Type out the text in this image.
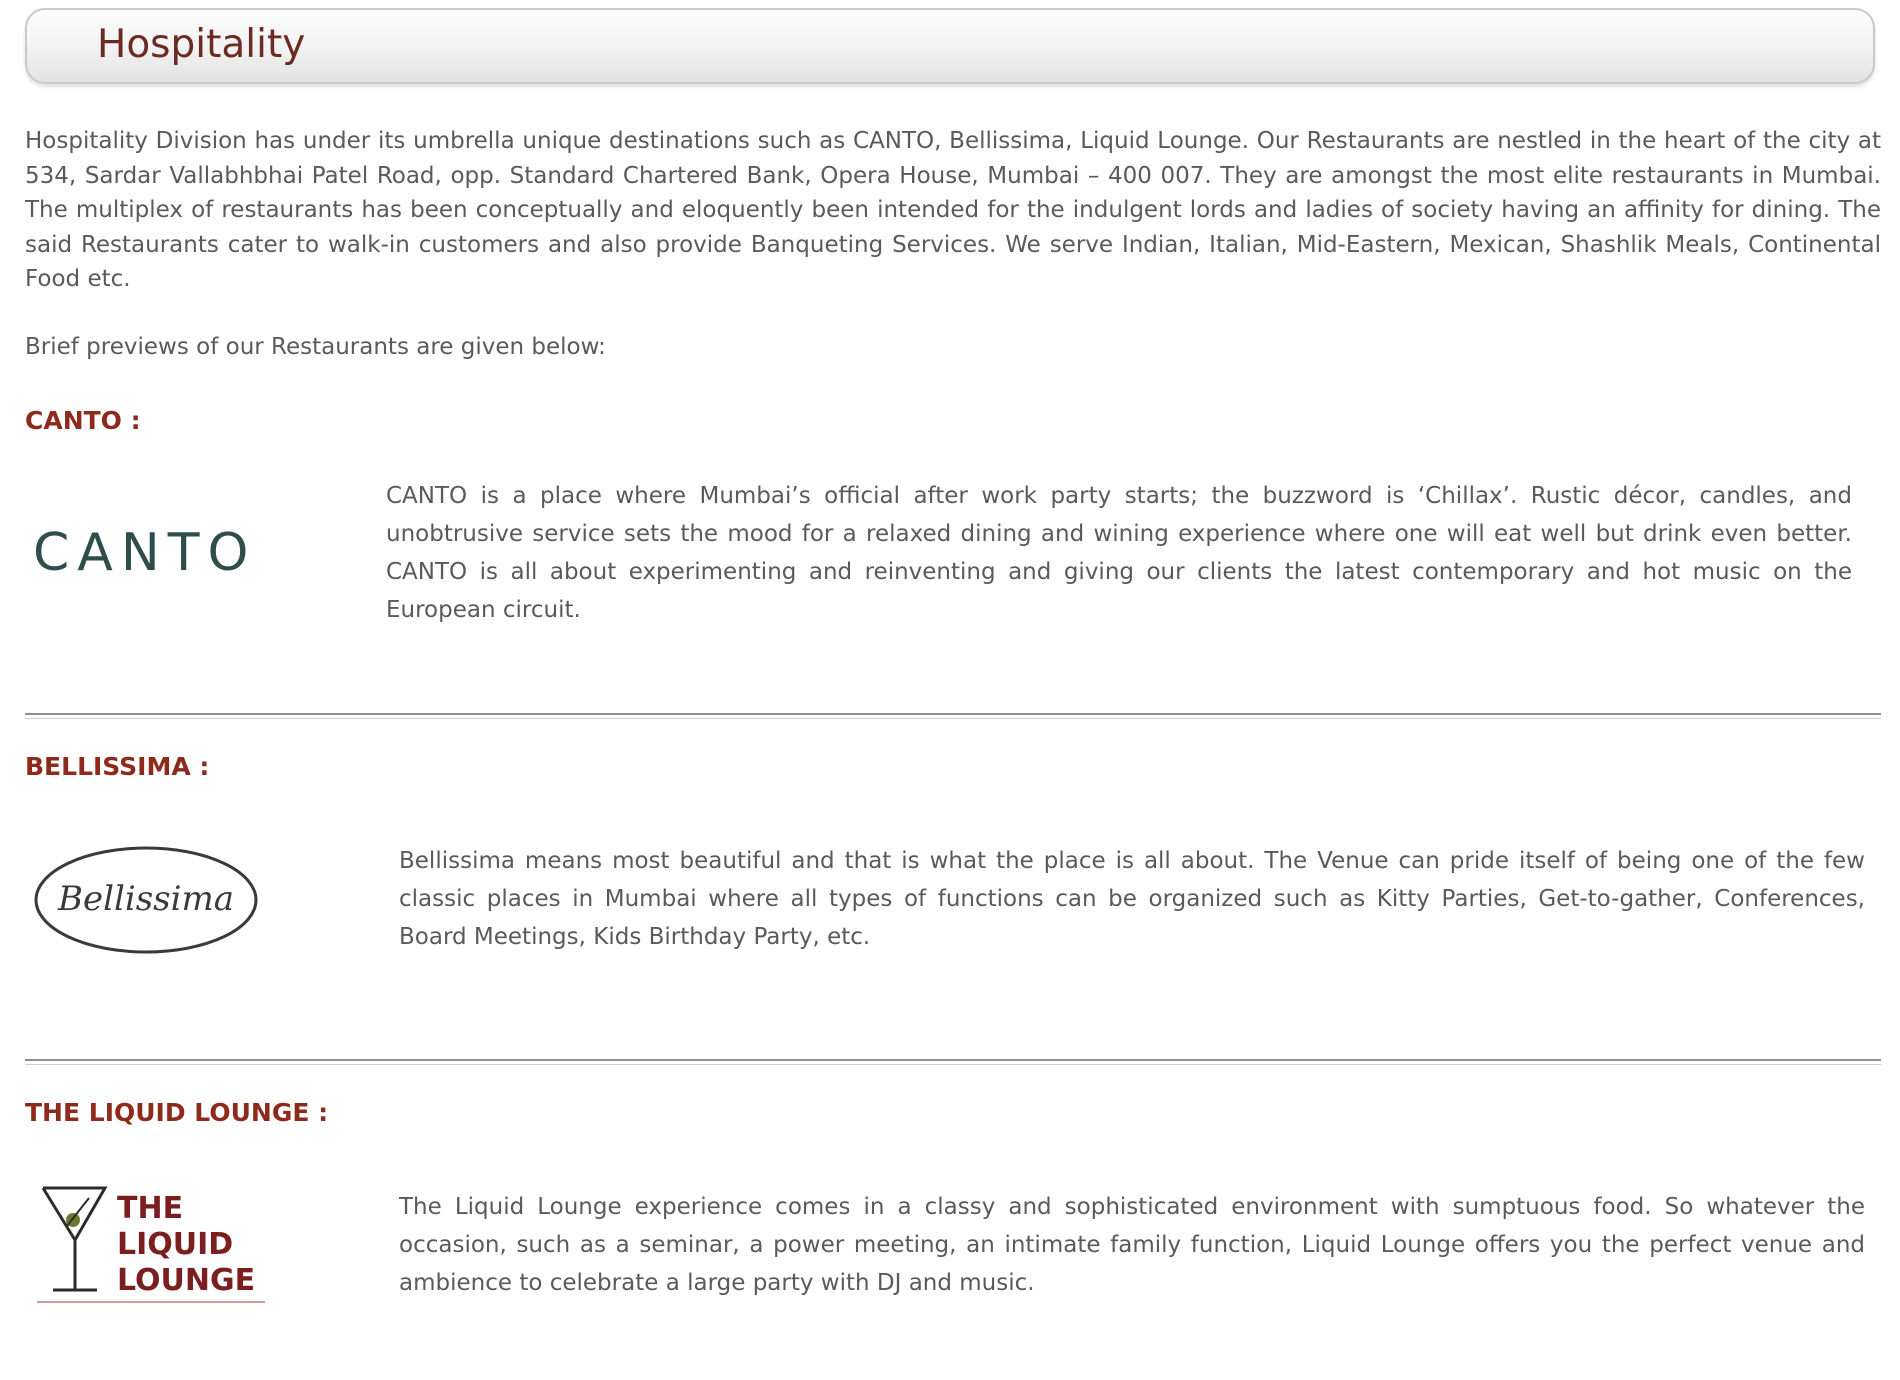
Hospitality

Hospitality Division has under its umbrella unique destinations such as CANTO, Bellissima, Liquid Lounge. Our Restaurants are nestled in the heart of the city at 534, Sardar Vallabhbhai Patel Road, opp. Standard Chartered Bank, Opera House, Mumbai – 400 007. They are amongst the most elite restaurants in Mumbai. The multiplex of restaurants has been conceptually and eloquently been intended for the indulgent lords and ladies of society having an affinity for dining. The said Restaurants cater to walk-in customers and also provide Banqueting Services. We serve Indian, Italian, Mid-Eastern, Mexican, Shashlik Meals, Continental Food etc.

Brief previews of our Restaurants are given below:

CANTO :
CANTO

CANTO is a place where Mumbai’s official after work party starts; the buzzword is ‘Chillax’. Rustic décor, candles, and unobtrusive service sets the mood for a relaxed dining and wining experience where one will eat well but drink even better. CANTO is all about experimenting and reinventing and giving our clients the latest contemporary and hot music on the European circuit.

BELLISSIMA :
Bellissima

Bellissima means most beautiful and that is what the place is all about. The Venue can pride itself of being one of the few classic places in Mumbai where all types of functions can be organized such as Kitty Parties, Get-to-gather, Conferences, Board Meetings, Kids Birthday Party, etc.

THE LIQUID LOUNGE :
THE
LIQUID
LOUNGE

The Liquid Lounge experience comes in a classy and sophisticated environment with sumptuous food. So whatever the occasion, such as a seminar, a power meeting, an intimate family function, Liquid Lounge offers you the perfect venue and ambience to celebrate a large party with DJ and music.
